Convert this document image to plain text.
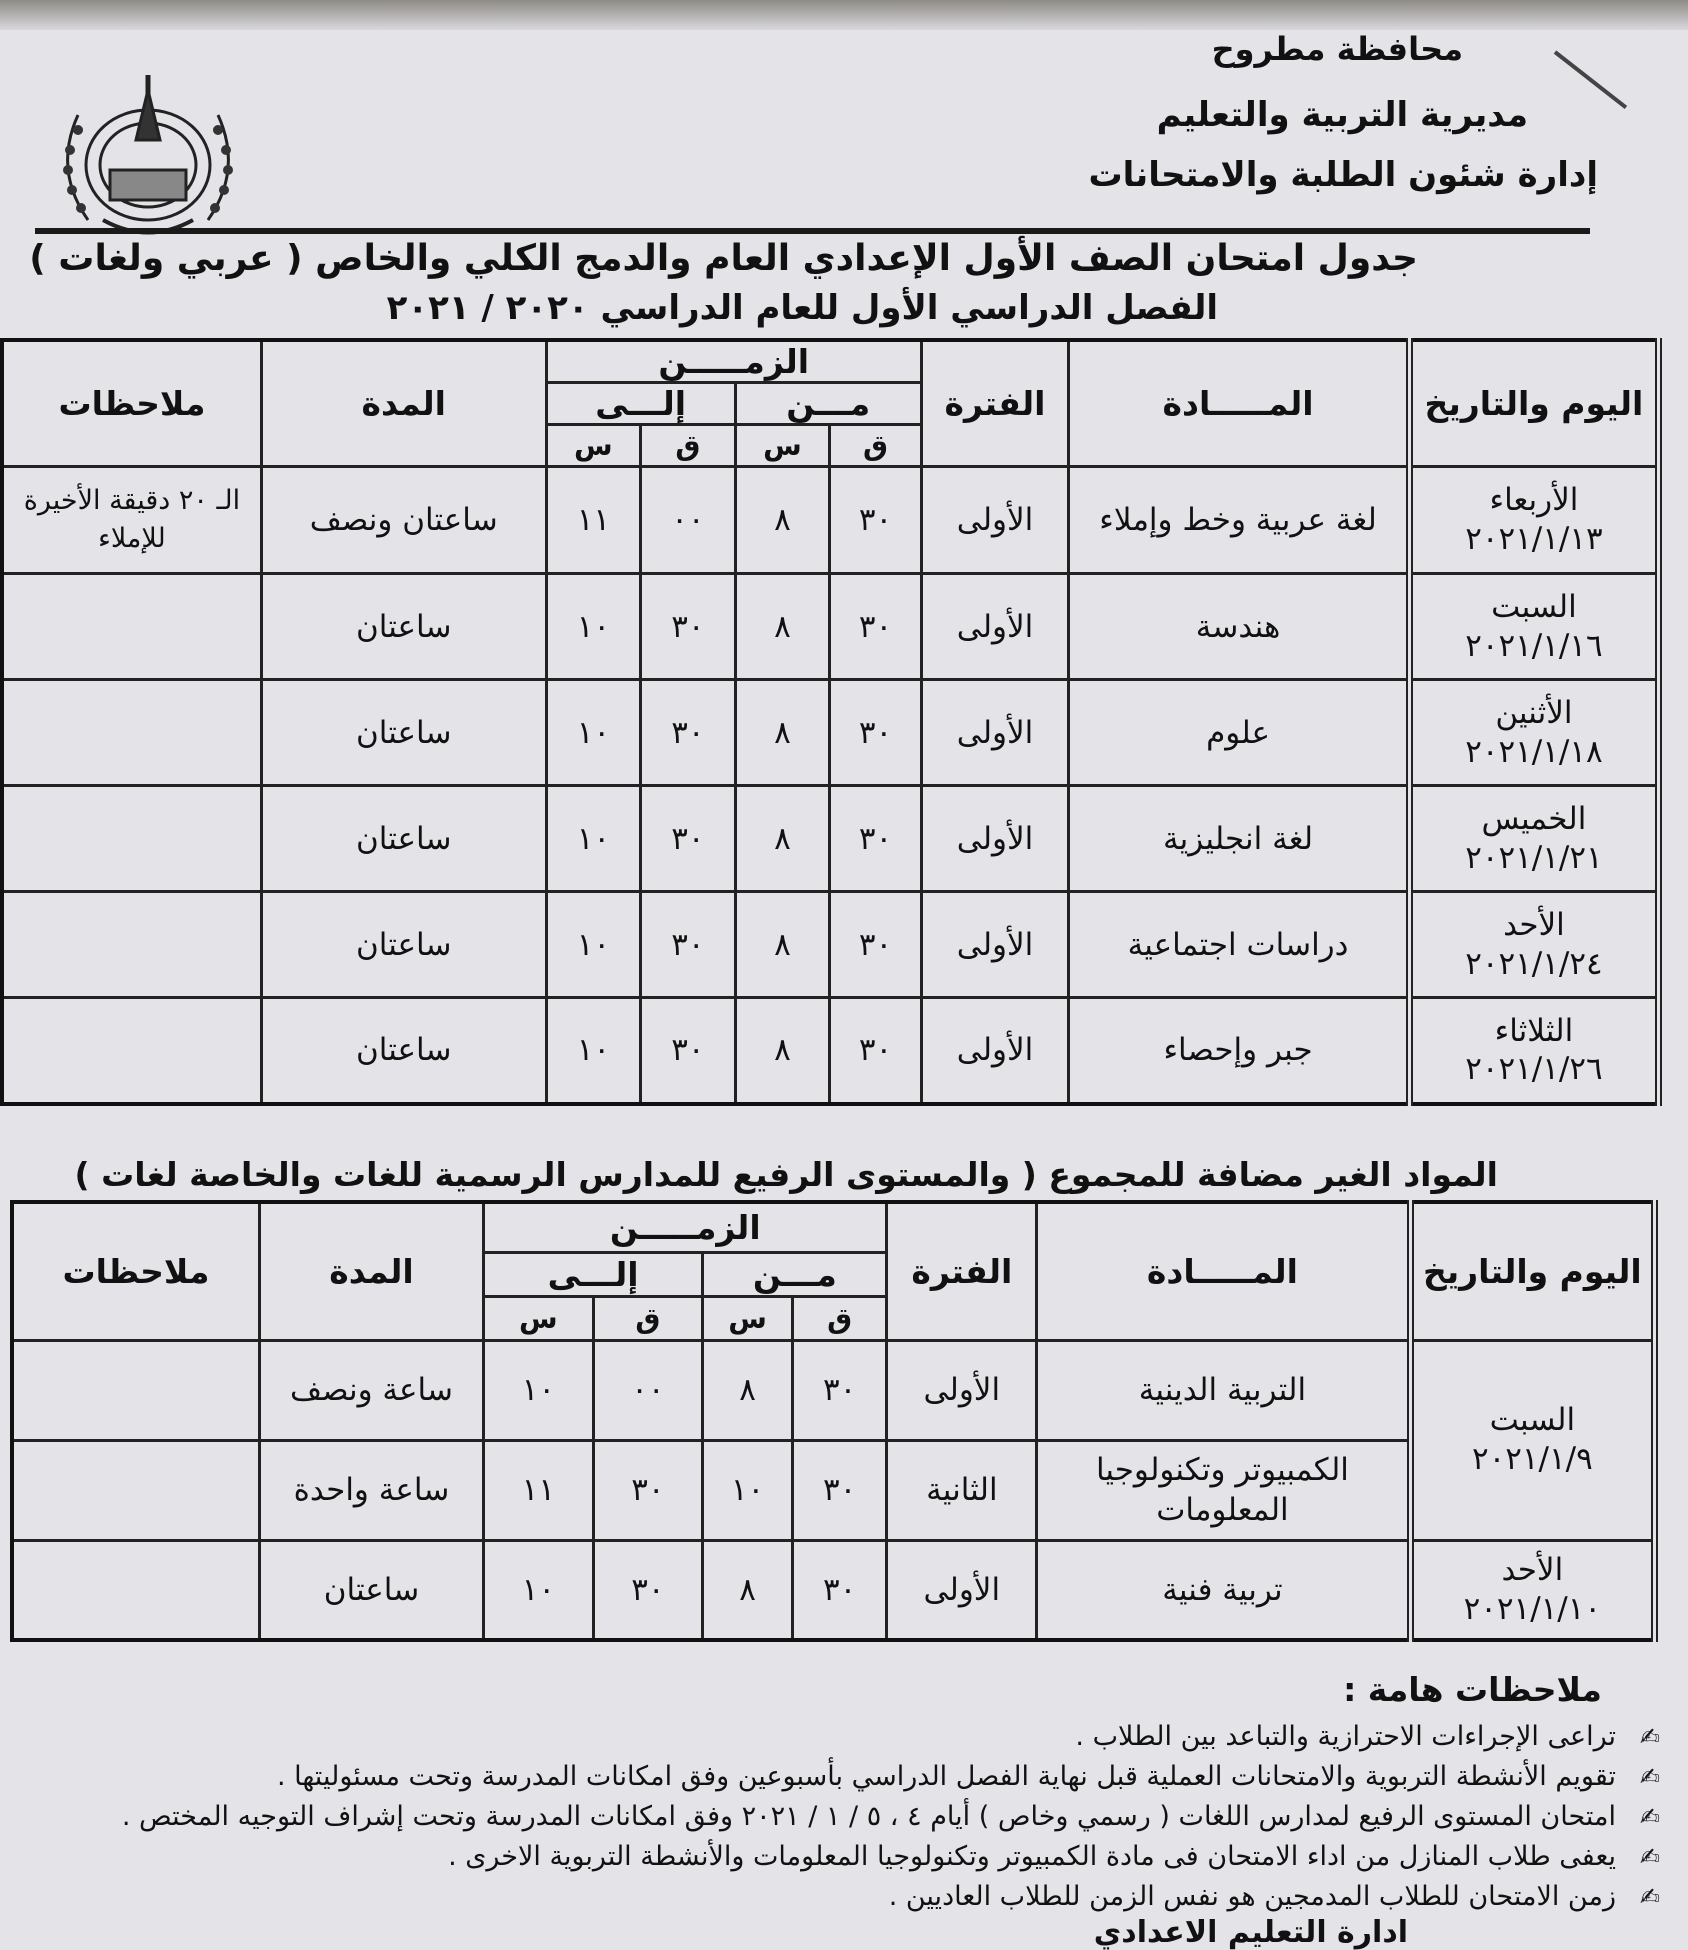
محافظة مطروح
مديرية التربية والتعليم
إدارة شئون الطلبة والامتحانات
جدول امتحان الصف الأول الإعدادي العام والدمج الكلي والخاص ( عربي ولغات )
الفصل الدراسي الأول للعام الدراسي ٢٠٢٠ / ٢٠٢١
اليوم والتاريخ	المـــــادة	الفترة	الزمـــــن				المدة	ملاحظات
			مـــن		إلـــى			
			ق	س	ق	س		

الأربعاء
٢٠٢١/١/١٣	لغة عربية وخط وإملاء	الأولى	٣٠	٨	٠٠	١١	ساعتان ونصف	الـ ٢٠ دقيقة الأخيرة للإملاء

السبت
٢٠٢١/١/١٦	هندسة	الأولى	٣٠	٨	٣٠	١٠	ساعتان	

الأثنين
٢٠٢١/١/١٨	علوم	الأولى	٣٠	٨	٣٠	١٠	ساعتان	

الخميس
٢٠٢١/١/٢١	لغة انجليزية	الأولى	٣٠	٨	٣٠	١٠	ساعتان	

الأحد
٢٠٢١/١/٢٤	دراسات اجتماعية	الأولى	٣٠	٨	٣٠	١٠	ساعتان	

الثلاثاء
٢٠٢١/١/٢٦	جبر وإحصاء	الأولى	٣٠	٨	٣٠	١٠	ساعتان	
المواد الغير مضافة للمجموع ( والمستوى الرفيع للمدارس الرسمية للغات والخاصة لغات )
اليوم والتاريخ	المـــــادة	الفترة	الزمـــــن				المدة	ملاحظات
			مـــن		إلـــى			
			ق	س	ق	س		

السبت
٢٠٢١/١/٩	التربية الدينية	الأولى	٣٠	٨	٠٠	١٠	ساعة ونصف	
	الكمبيوتر وتكنولوجيا المعلومات	الثانية	٣٠	١٠	٣٠	١١	ساعة واحدة	

الأحد
٢٠٢١/١/١٠	تربية فنية	الأولى	٣٠	٨	٣٠	١٠	ساعتان	
ملاحظات هامة :
✍
تراعى الإجراءات الاحترازية والتباعد بين الطلاب .
✍
تقويم الأنشطة التربوية والامتحانات العملية قبل نهاية الفصل الدراسي بأسبوعين وفق امكانات المدرسة وتحت مسئوليتها .
✍
امتحان المستوى الرفيع لمدارس اللغات ( رسمي وخاص ) أيام ٤ ، ٥ / ١ / ٢٠٢١ وفق امكانات المدرسة وتحت إشراف التوجيه المختص .
✍
يعفى طلاب المنازل من اداء الامتحان فى مادة الكمبيوتر وتكنولوجيا المعلومات والأنشطة التربوية الاخرى .
✍
زمن الامتحان للطلاب المدمجين هو نفس الزمن للطلاب العاديين .
ادارة التعليم الاعدادي
